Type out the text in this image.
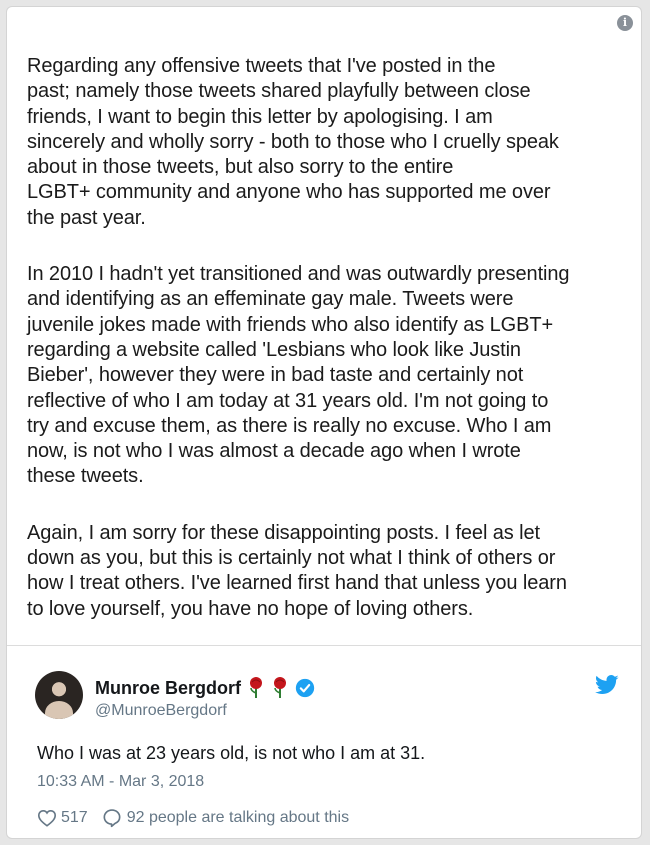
i

Regarding any offensive tweets that I've posted in the
past; namely those tweets shared playfully between close
friends, I want to begin this letter by apologising. I am
sincerely and wholly sorry - both to those who I cruelly speak
about in those tweets, but also sorry to the entire
LGBT+ community and anyone who has supported me over
the past year.

In 2010 I hadn't yet transitioned and was outwardly presenting
and identifying as an effeminate gay male. Tweets were
juvenile jokes made with friends who also identify as LGBT+
regarding a website called 'Lesbians who look like Justin
Bieber', however they were in bad taste and certainly not
reflective of who I am today at 31 years old. I'm not going to
try and excuse them, as there is really no excuse. Who I am
now, is not who I was almost a decade ago when I wrote
these tweets.

Again, I am sorry for these disappointing posts. I feel as let
down as you, but this is certainly not what I think of others or
how I treat others. I've learned first hand that unless you learn
to love yourself, you have no hope of loving others.

Munroe Bergdorf
@MunroeBergdorf
Who I was at 23 years old, is not who I am at 31.
10:33 AM - Mar 3, 2018
517 92 people are talking about this
